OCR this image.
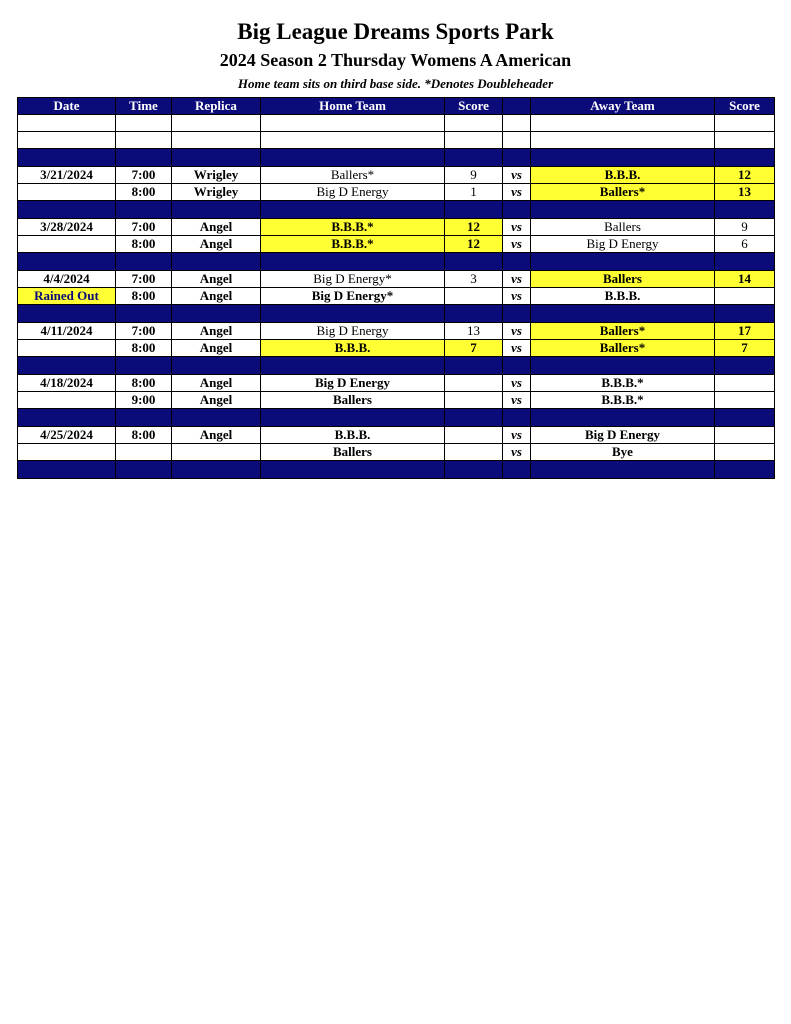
Big League Dreams Sports Park
2024 Season 2 Thursday Womens A American
Home team sits on third base side. *Denotes Doubleheader
Date	Time	Replica	Home Team	Score		Away Team	Score

3/21/2024	7:00	Wrigley	Ballers*	9	vs	B.B.B.	12
	8:00	Wrigley	Big D Energy	1	vs	Ballers*	13

3/28/2024	7:00	Angel	B.B.B.*	12	vs	Ballers	9
	8:00	Angel	B.B.B.*	12	vs	Big D Energy	6

4/4/2024	7:00	Angel	Big D Energy*	3	vs	Ballers	14
Rained Out	8:00	Angel	Big D Energy*		vs	B.B.B.	

4/11/2024	7:00	Angel	Big D Energy	13	vs	Ballers*	17
	8:00	Angel	B.B.B.	7	vs	Ballers*	7

4/18/2024	8:00	Angel	Big D Energy		vs	B.B.B.*	
	9:00	Angel	Ballers		vs	B.B.B.*	

4/25/2024	8:00	Angel	B.B.B.		vs	Big D Energy	
			Ballers		vs	Bye	
